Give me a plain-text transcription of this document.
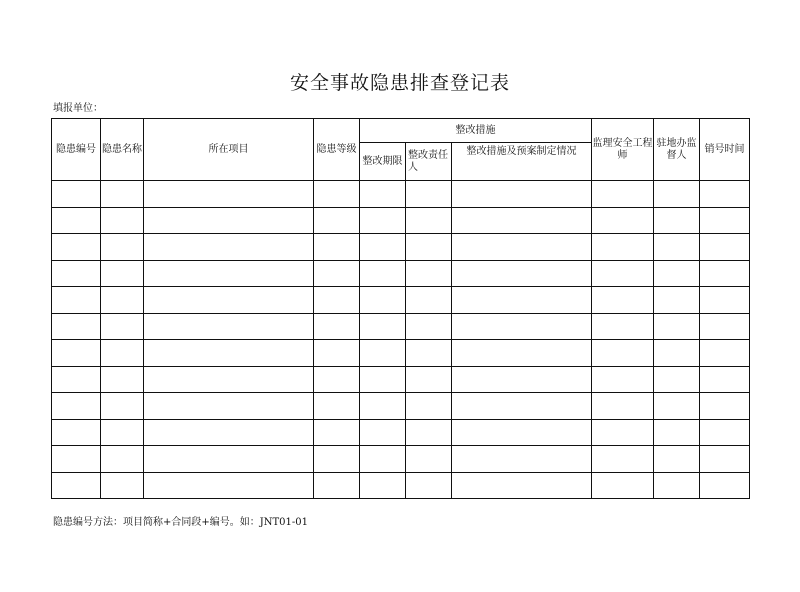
安全事故隐患排查登记表
填报单位：
隐患编号	隐患名称	所在项目	隐患等级	整改措施			监理安全工程师	驻地办监督人	销号时间
				整改期限	整改责任人	整改措施及预案制定情况			

隐患编号方法：项目简称+合同段+编号。如：JNT01-01
